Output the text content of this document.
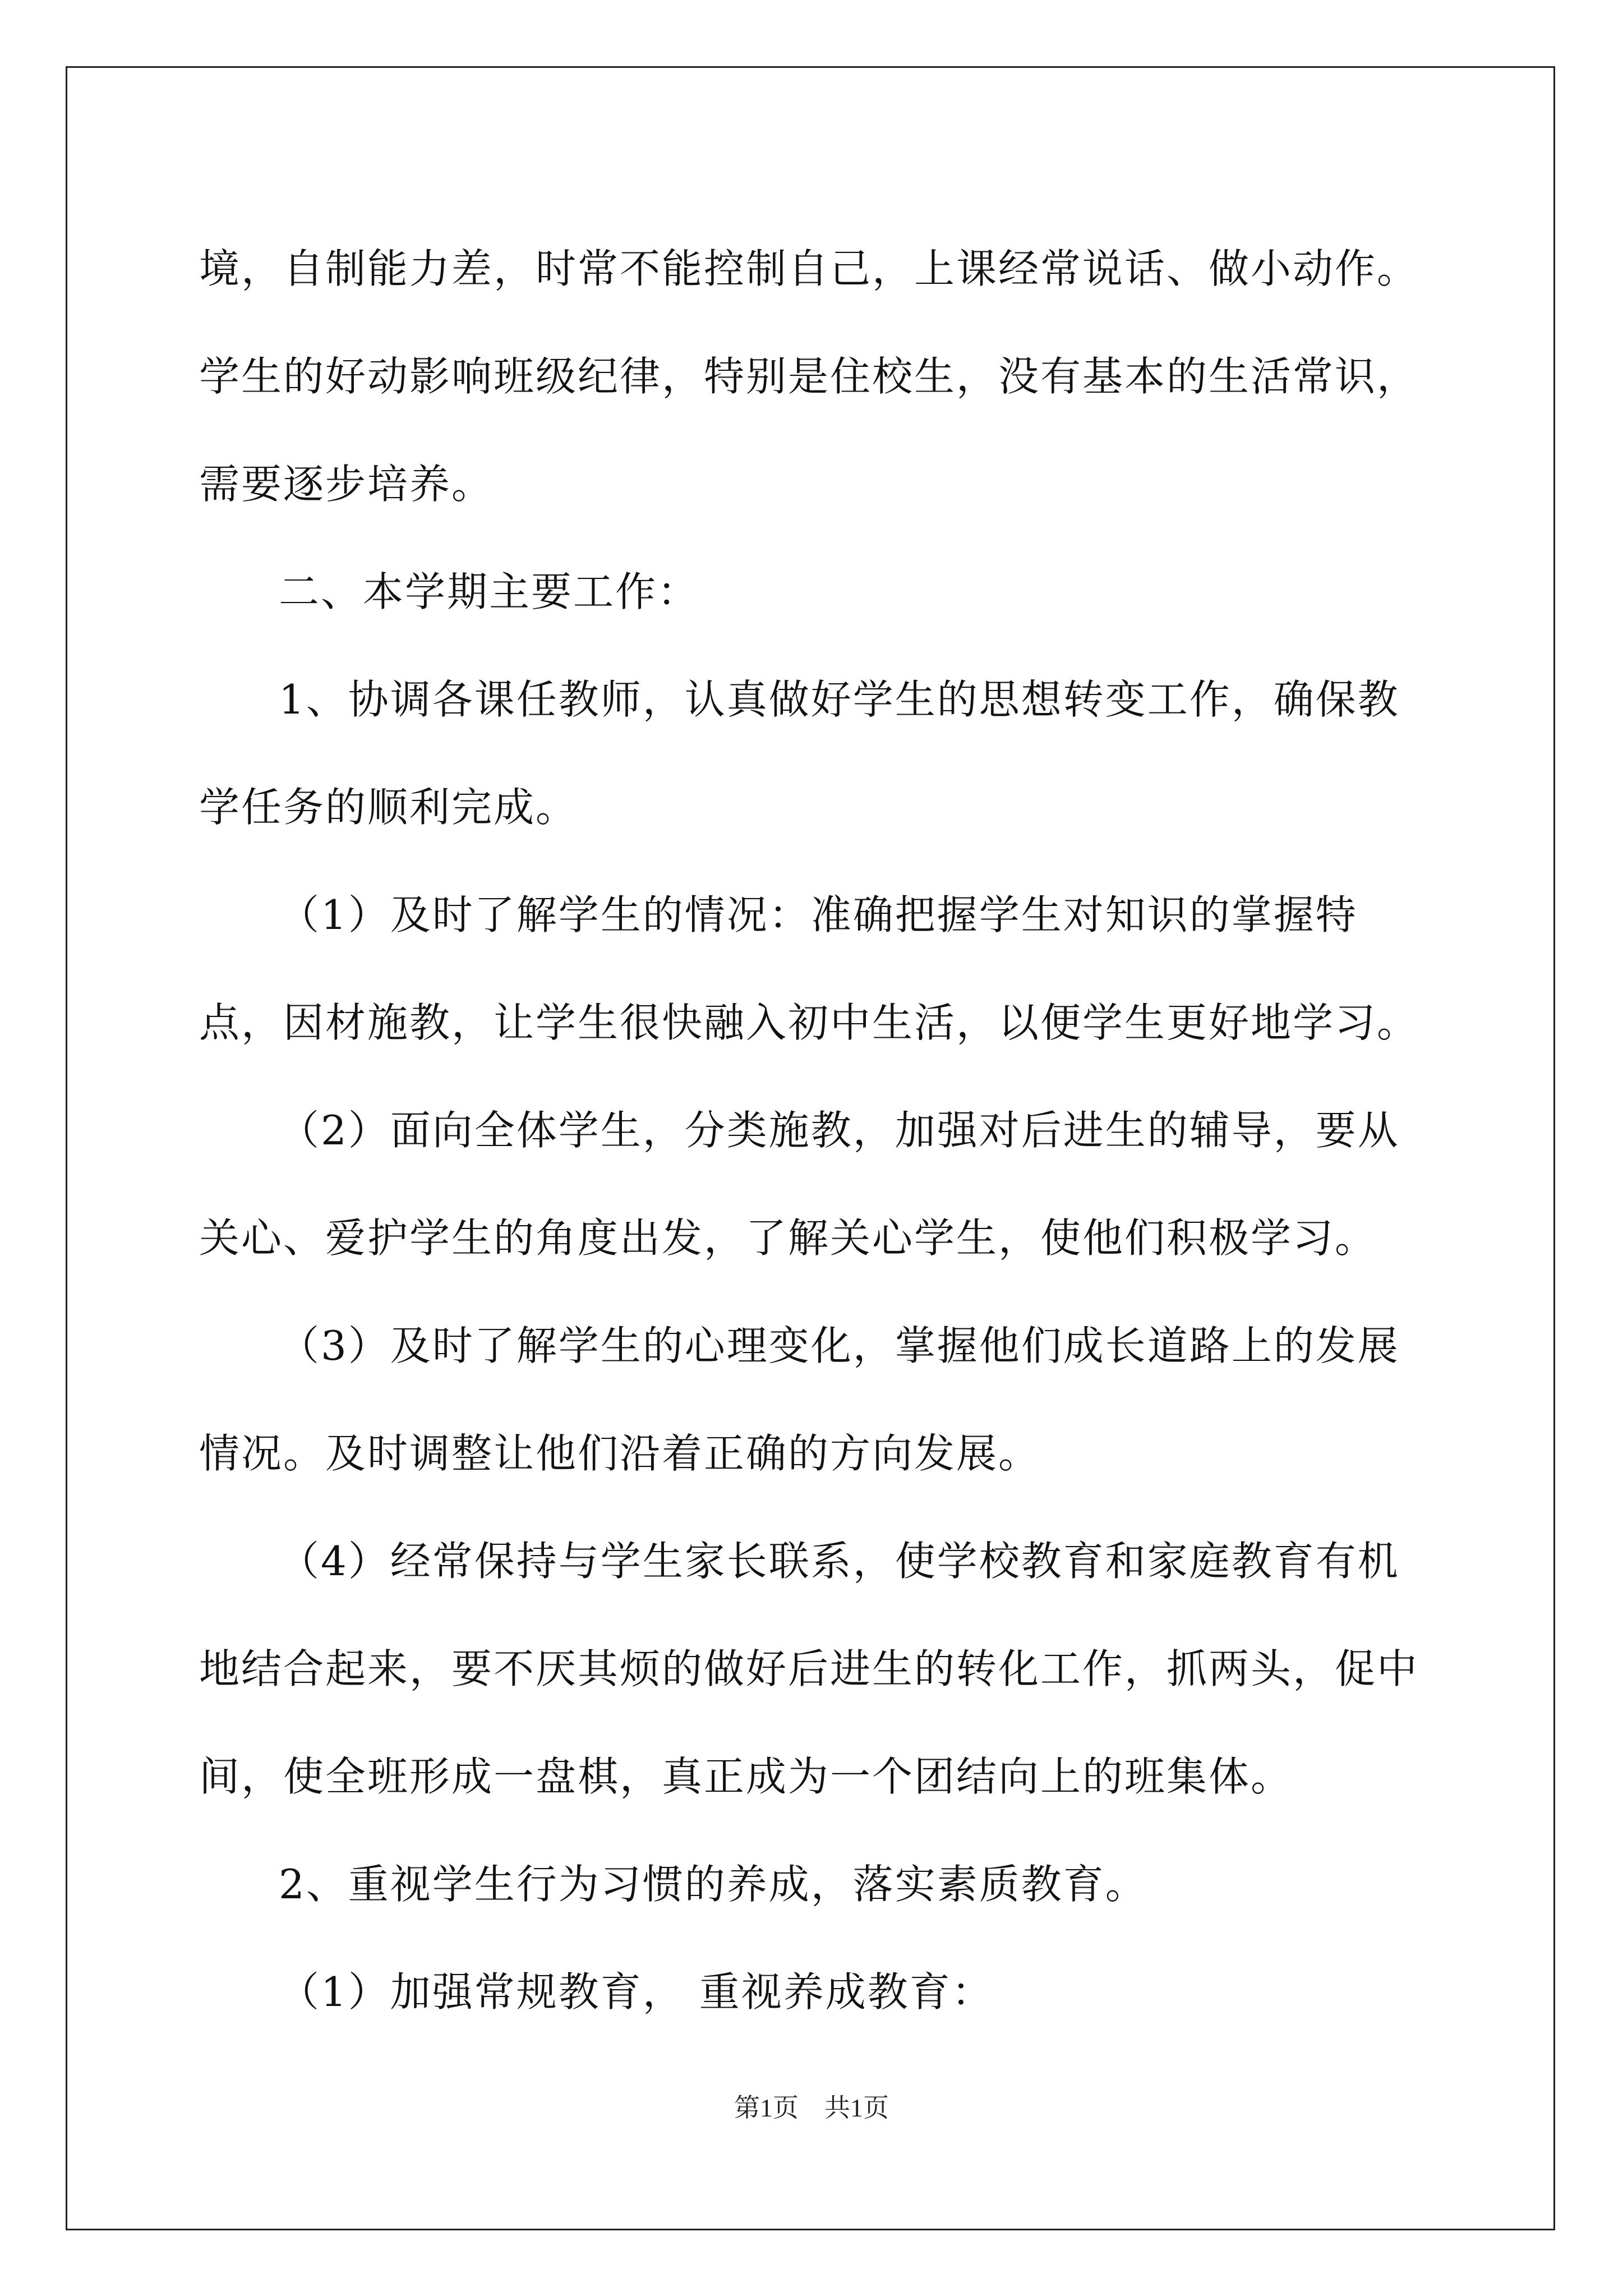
境，自制能力差，时常不能控制自己，上课经常说话、做小动作。学生的好动影响班级纪律，特别是住校生，没有基本的生活常识，需要逐步培养。

二、本学期主要工作：

1、协调各课任教师，认真做好学生的思想转变工作，确保教学任务的顺利完成。

（1）及时了解学生的情况：准确把握学生对知识的掌握特点，因材施教，让学生很快融入初中生活，以便学生更好地学习。

（2）面向全体学生，分类施教，加强对后进生的辅导，要从关心、爱护学生的角度出发，了解关心学生，使他们积极学习。

（3）及时了解学生的心理变化，掌握他们成长道路上的发展情况。及时调整让他们沿着正确的方向发展。

（4）经常保持与学生家长联系，使学校教育和家庭教育有机地结合起来，要不厌其烦的做好后进生的转化工作，抓两头，促中间，使全班形成一盘棋，真正成为一个团结向上的班集体。

2、重视学生行为习惯的养成，落实素质教育。

（1）加强常规教育， 重视养成教育：

第1页　共1页
